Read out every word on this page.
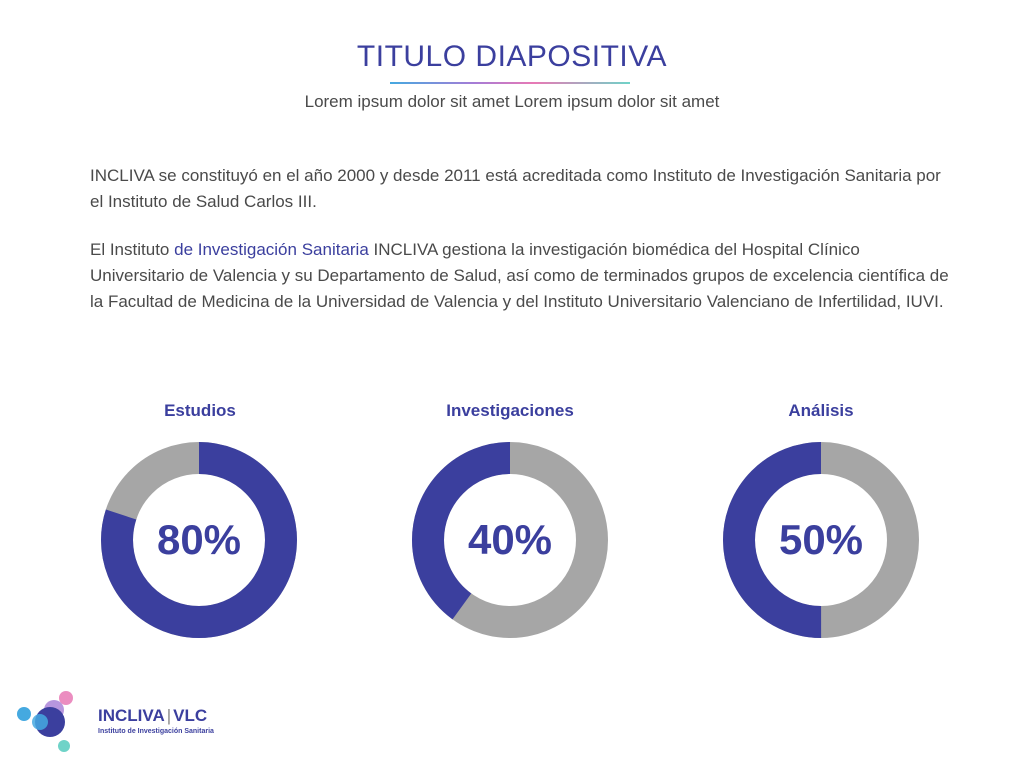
TITULO DIAPOSITIVA
Lorem ipsum dolor sit amet Lorem ipsum dolor sit amet

INCLIVA se constituyó en el año 2000 y desde 2011 está acreditada como Instituto de Investigación Sanitaria por el Instituto de Salud Carlos III.

El Instituto de Investigación Sanitaria INCLIVA gestiona la investigación biomédica del Hospital Clínico Universitario de Valencia y su Departamento de Salud, así como de terminados grupos de excelencia científica de la Facultad de Medicina de la Universidad de Valencia y del Instituto Universitario Valenciano de Infertilidad, IUVI.

Estudios
80%
Investigaciones
40%
Análisis
50%
INCLIVA | VLC
Instituto de Investigación Sanitaria
